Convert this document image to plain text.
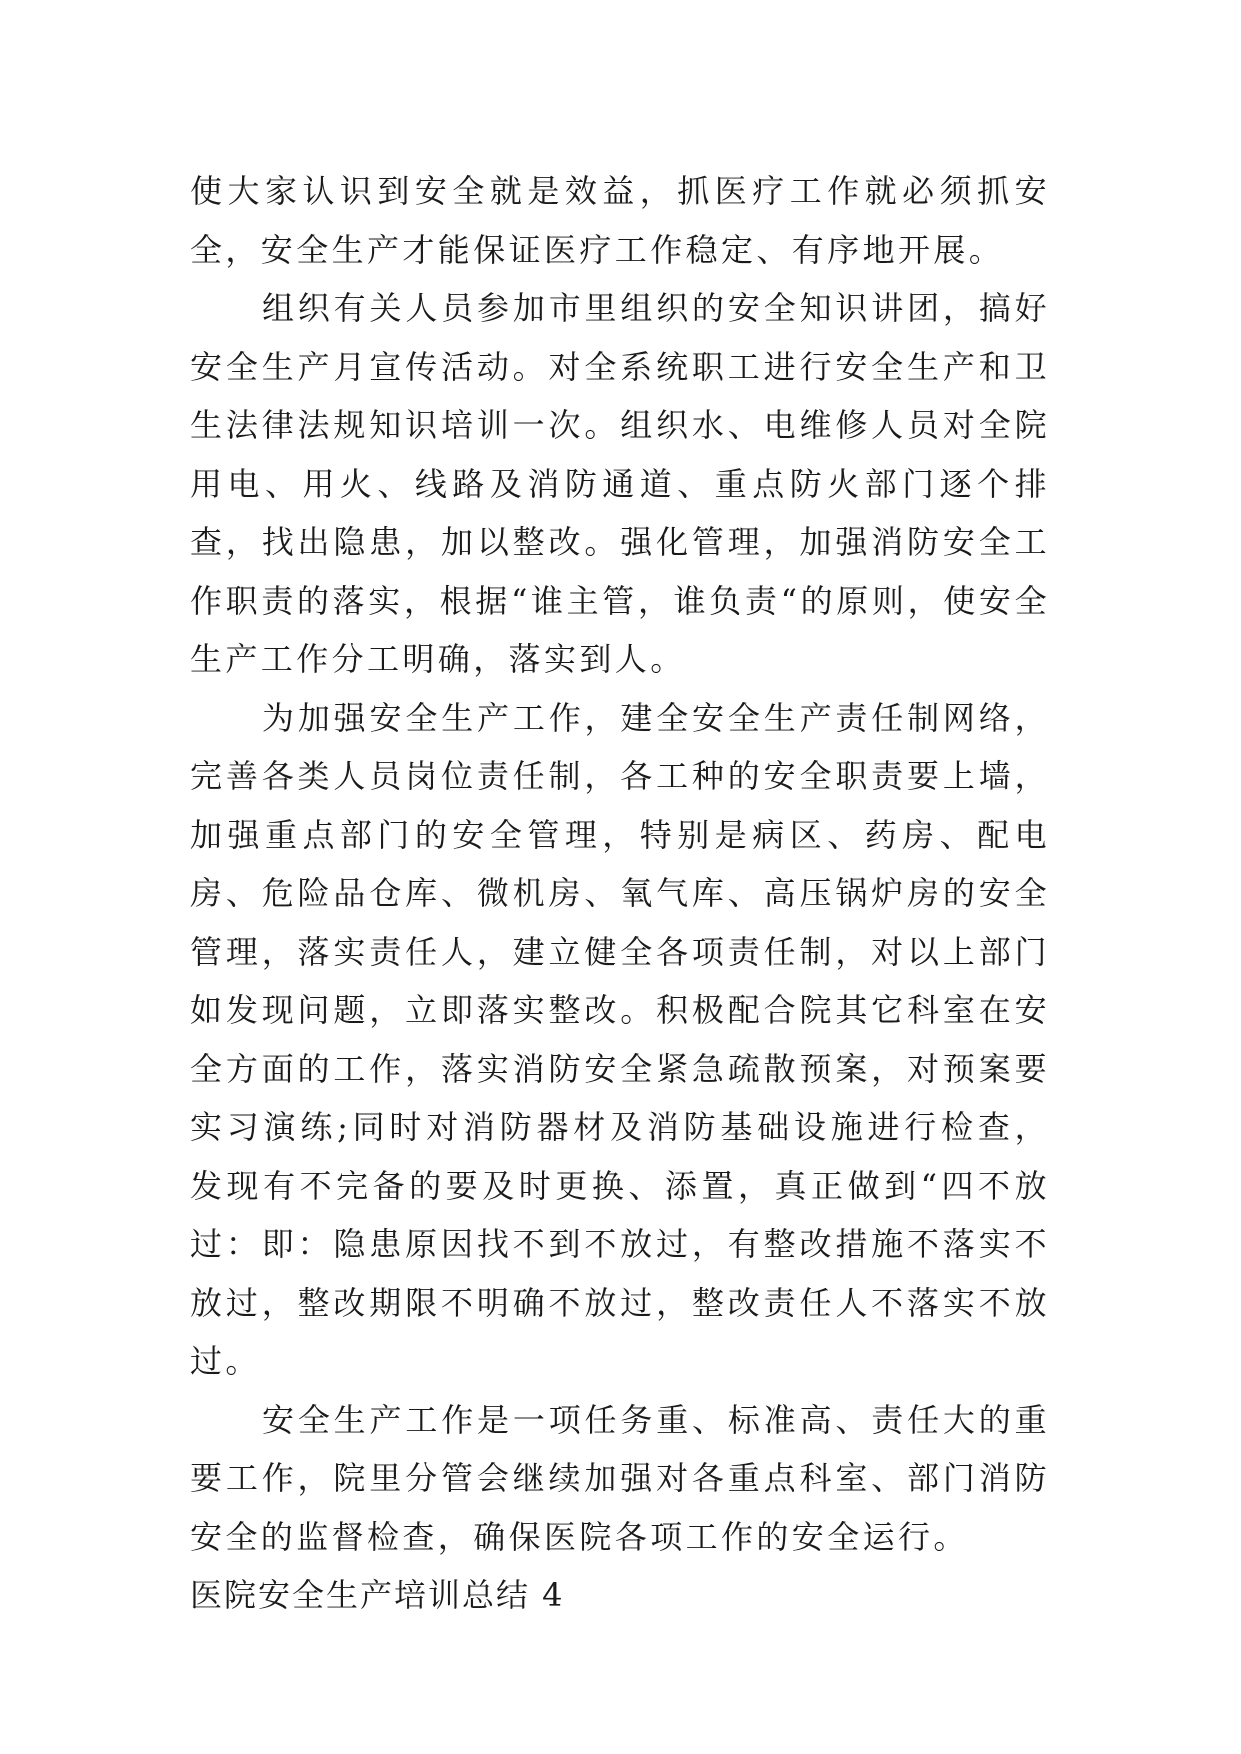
使大家认识到安全就是效益，抓医疗工作就必须抓安全，安全生产才能保证医疗工作稳定、有序地开展。

组织有关人员参加市里组织的安全知识讲团，搞好安全生产月宣传活动。对全系统职工进行安全生产和卫生法律法规知识培训一次。组织水、电维修人员对全院用电、用火、线路及消防通道、重点防火部门逐个排查，找出隐患，加以整改。强化管理，加强消防安全工作职责的落实，根据“谁主管，谁负责“的原则，使安全生产工作分工明确，落实到人。

为加强安全生产工作，建全安全生产责任制网络，完善各类人员岗位责任制，各工种的安全职责要上墙，加强重点部门的安全管理，特别是病区、药房、配电房、危险品仓库、微机房、氧气库、高压锅炉房的安全管理，落实责任人，建立健全各项责任制，对以上部门如发现问题，立即落实整改。积极配合院其它科室在安全方面的工作，落实消防安全紧急疏散预案，对预案要实习演练;同时对消防器材及消防基础设施进行检查，发现有不完备的要及时更换、添置，真正做到“四不放过：即：隐患原因找不到不放过，有整改措施不落实不放过，整改期限不明确不放过，整改责任人不落实不放过。

安全生产工作是一项任务重、标准高、责任大的重要工作，院里分管会继续加强对各重点科室、部门消防安全的监督检查，确保医院各项工作的安全运行。

医院安全生产培训总结 4
